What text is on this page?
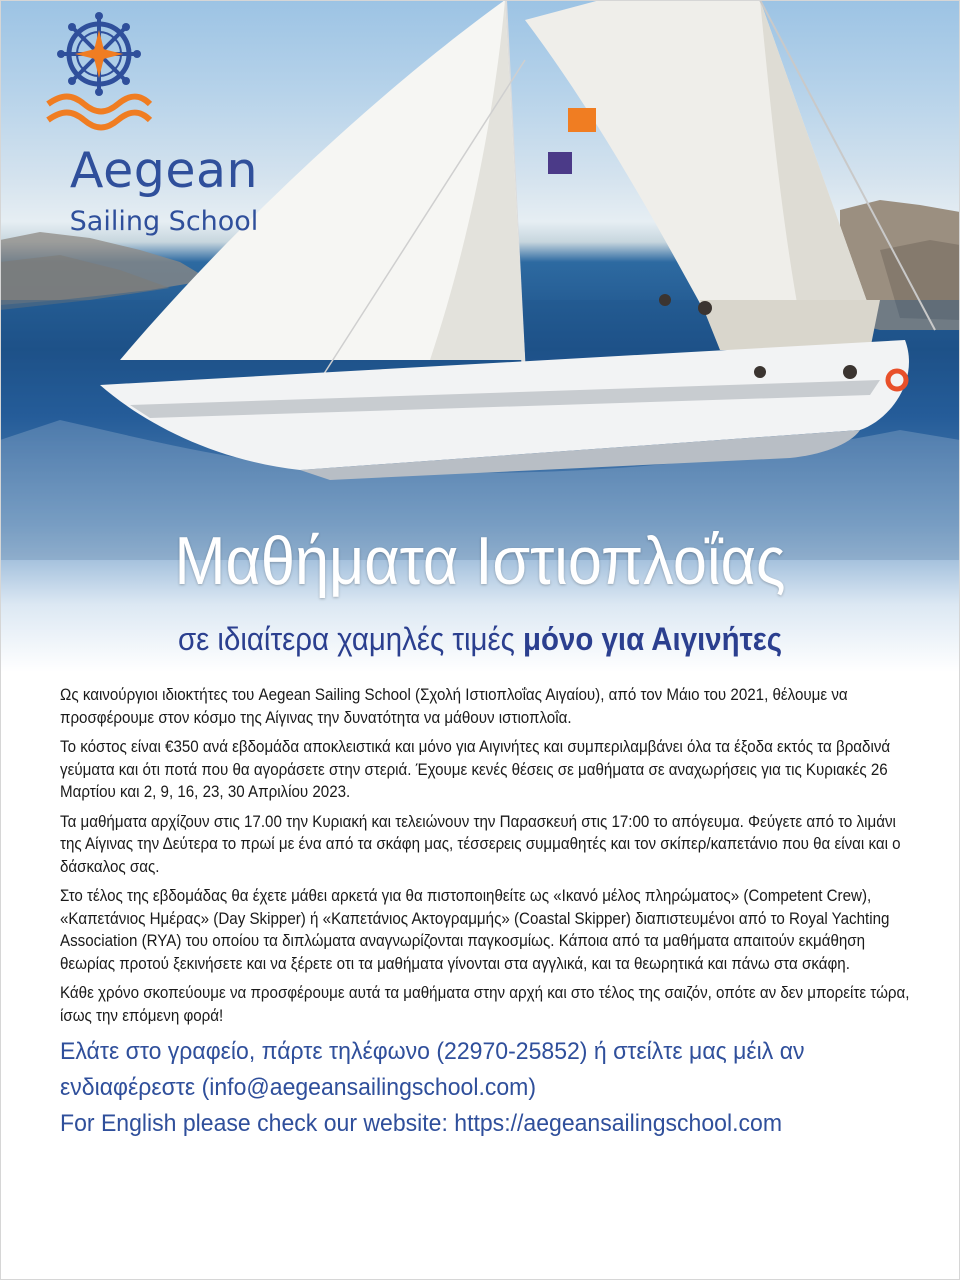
Aegean
Sailing School
Μαθήματα Ιστιοπλοΐας
σε ιδιαίτερα χαμηλές τιμές μόνο για Αιγινήτες

Ως καινούργιοι ιδιοκτήτες του Aegean Sailing School (Σχολή Ιστιοπλοΐας Αιγαίου), από τον Μάιο του 2021, θέλουμε να προσφέρουμε στον κόσμο της Αίγινας την δυνατότητα να μάθουν ιστιοπλοΐα.

Το κόστος είναι €350 ανά εβδομάδα αποκλειστικά και μόνο για Αιγινήτες και συμπεριλαμβάνει όλα τα έξοδα εκτός τα βραδινά γεύματα και ότι ποτά που θα αγοράσετε στην στεριά. Έχουμε κενές θέσεις σε μαθήματα σε αναχωρήσεις για τις Κυριακές 26 Μαρτίου και 2, 9, 16, 23, 30 Απριλίου 2023.

Τα μαθήματα αρχίζουν στις 17.00 την Κυριακή και τελειώνουν την Παρασκευή στις 17:00 το απόγευμα. Φεύγετε από το λιμάνι της Αίγινας την Δεύτερα το πρωί με ένα από τα σκάφη μας, τέσσερεις συμμαθητές και τον σκίπερ/καπετάνιο που θα είναι και ο δάσκαλος σας.

Στο τέλος της εβδομάδας θα έχετε μάθει αρκετά για θα πιστοποιηθείτε ως «Ικανό μέλος πληρώματος» (Competent Crew), «Καπετάνιος Ημέρας» (Day Skipper) ή «Καπετάνιος Ακτογραμμής» (Coastal Skipper) διαπιστευμένοι από το Royal Yachting Association (RYA) του οποίου τα διπλώματα αναγνωρίζονται παγκοσμίως. Κάποια από τα μαθήματα απαιτούν εκμάθηση θεωρίας προτού ξεκινήσετε και να ξέρετε οτι τα μαθήματα γίνονται στα αγγλικά, και τα θεωρητικά και πάνω στα σκάφη.

Κάθε χρόνο σκοπεύουμε να προσφέρουμε αυτά τα μαθήματα στην αρχή και στο τέλος της σαιζόν, οπότε αν δεν μπορείτε τώρα, ίσως την επόμενη φορά!

Ελάτε στο γραφείο, πάρτε τηλέφωνο (22970-25852) ή στείλτε μας μέιλ αν

ενδιαφέρεστε (info@aegeansailingschool.com)

For English please check our website: https://aegeansailingschool.com
